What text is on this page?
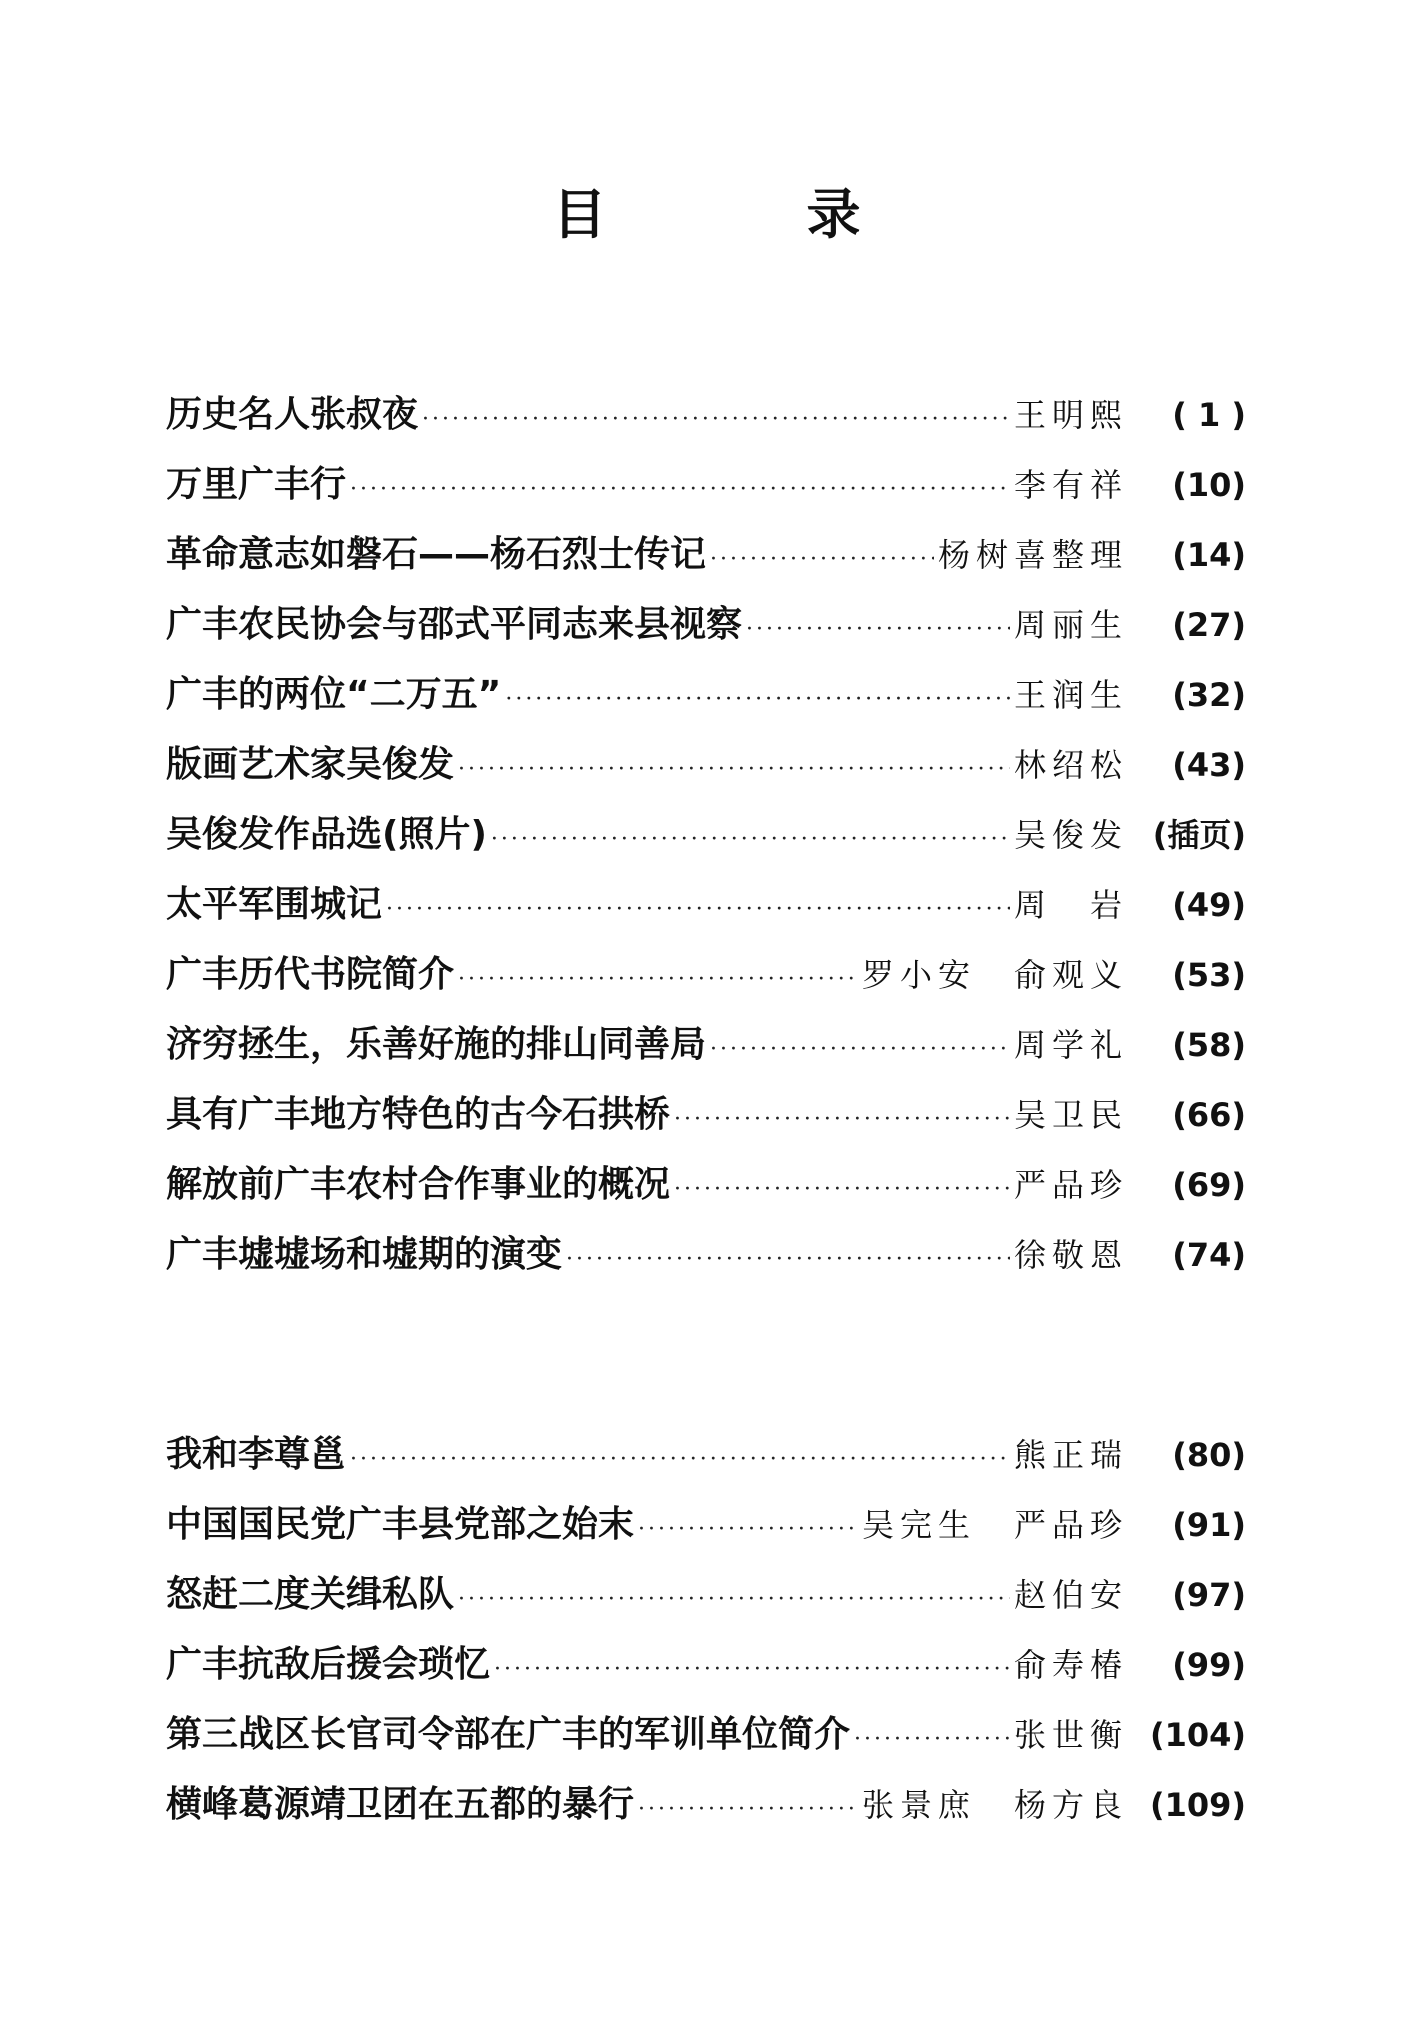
目	录
历史名人张叔夜 ·····	王明熙	( 1 )
万里广丰行 ·····	李有祥	(10)
革命意志如磐石——杨石烈士传记 ·····	杨树喜整理	(14)
广丰农民协会与邵式平同志来县视察 ·····	周丽生	(27)
广丰的两位“二万五” ·····	王润生	(32)
版画艺术家吴俊发 ·····	林绍松	(43)
吴俊发作品选(照片) ·····	吴俊发 (插页)
太平军围城记 ·····	周　岩	(49)
广丰历代书院简介 ·····	罗小安　俞观义	(53)
济穷拯生，乐善好施的排山同善局 ·····	周学礼	(58)
具有广丰地方特色的古今石拱桥 ·····	吴卫民	(66)
解放前广丰农村合作事业的概况 ·····	严品珍	(69)
广丰墟墟场和墟期的演变 ·····	徐敬恩	(74)
我和李尊邕 ·····	熊正瑞	(80)
中国国民党广丰县党部之始末 ·····	吴完生　严品珍	(91)
怒赶二度关缉私队 ·····	赵伯安	(97)
广丰抗敌后援会琐忆 ·····	俞寿椿	(99)
第三战区长官司令部在广丰的军训单位简介 ·····	张世衡 (104)
横峰葛源靖卫团在五都的暴行 ·····	张景庶　杨方良 (109)
